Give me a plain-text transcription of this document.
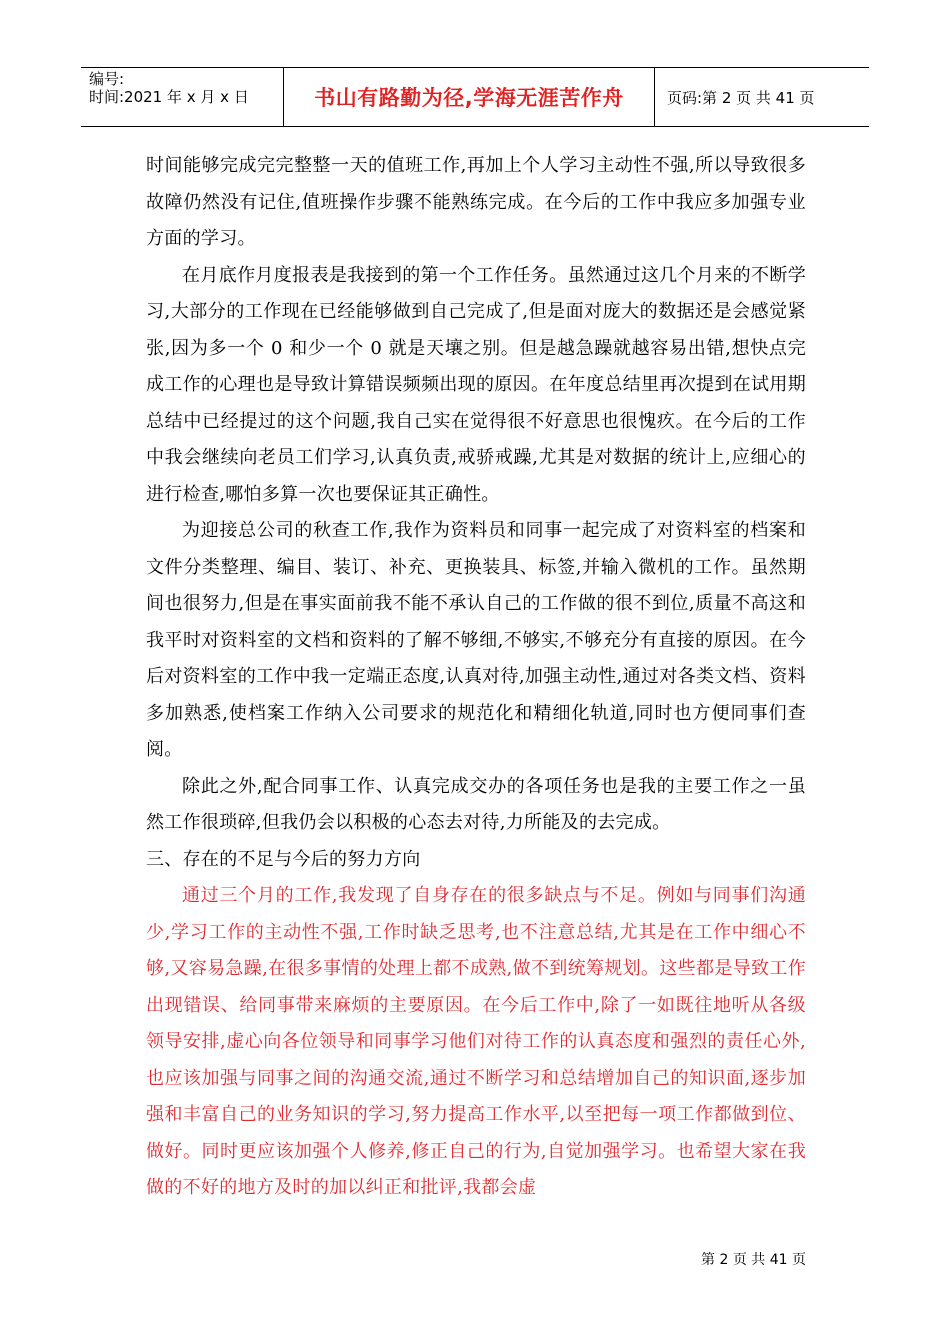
编号:
时间:2021 年 x 月 x 日	书山有路勤为径,学海无涯苦作舟	页码:第 2 页 共 41 页

时间能够完成完完整整一天的值班工作,再加上个人学习主动性不强,所以导致很多故障仍然没有记住,值班操作步骤不能熟练完成。在今后的工作中我应多加强专业方面的学习。

在月底作月度报表是我接到的第一个工作任务。虽然通过这几个月来的不断学习,大部分的工作现在已经能够做到自己完成了,但是面对庞大的数据还是会感觉紧张,因为多一个 0 和少一个 0 就是天壤之别。但是越急躁就越容易出错,想快点完成工作的心理也是导致计算错误频频出现的原因。在年度总结里再次提到在试用期总结中已经提过的这个问题,我自己实在觉得很不好意思也很愧疚。在今后的工作中我会继续向老员工们学习,认真负责,戒骄戒躁,尤其是对数据的统计上,应细心的进行检查,哪怕多算一次也要保证其正确性。

为迎接总公司的秋查工作,我作为资料员和同事一起完成了对资料室的档案和文件分类整理、编目、装订、补充、更换装具、标签,并输入微机的工作。虽然期间也很努力,但是在事实面前我不能不承认自己的工作做的很不到位,质量不高这和我平时对资料室的文档和资料的了解不够细,不够实,不够充分有直接的原因。在今后对资料室的工作中我一定端正态度,认真对待,加强主动性,通过对各类文档、资料多加熟悉,使档案工作纳入公司要求的规范化和精细化轨道,同时也方便同事们查阅。

除此之外,配合同事工作、认真完成交办的各项任务也是我的主要工作之一虽然工作很琐碎,但我仍会以积极的心态去对待,力所能及的去完成。

三、存在的不足与今后的努力方向

通过三个月的工作,我发现了自身存在的很多缺点与不足。例如与同事们沟通少,学习工作的主动性不强,工作时缺乏思考,也不注意总结,尤其是在工作中细心不够,又容易急躁,在很多事情的处理上都不成熟,做不到统筹规划。这些都是导致工作出现错误、给同事带来麻烦的主要原因。在今后工作中,除了一如既往地听从各级领导安排,虚心向各位领导和同事学习他们对待工作的认真态度和强烈的责任心外,也应该加强与同事之间的沟通交流,通过不断学习和总结增加自己的知识面,逐步加强和丰富自己的业务知识的学习,努力提高工作水平,以至把每一项工作都做到位、做好。同时更应该加强个人修养,修正自己的行为,自觉加强学习。也希望大家在我做的不好的地方及时的加以纠正和批评,我都会虚

第 2 页 共 41 页
